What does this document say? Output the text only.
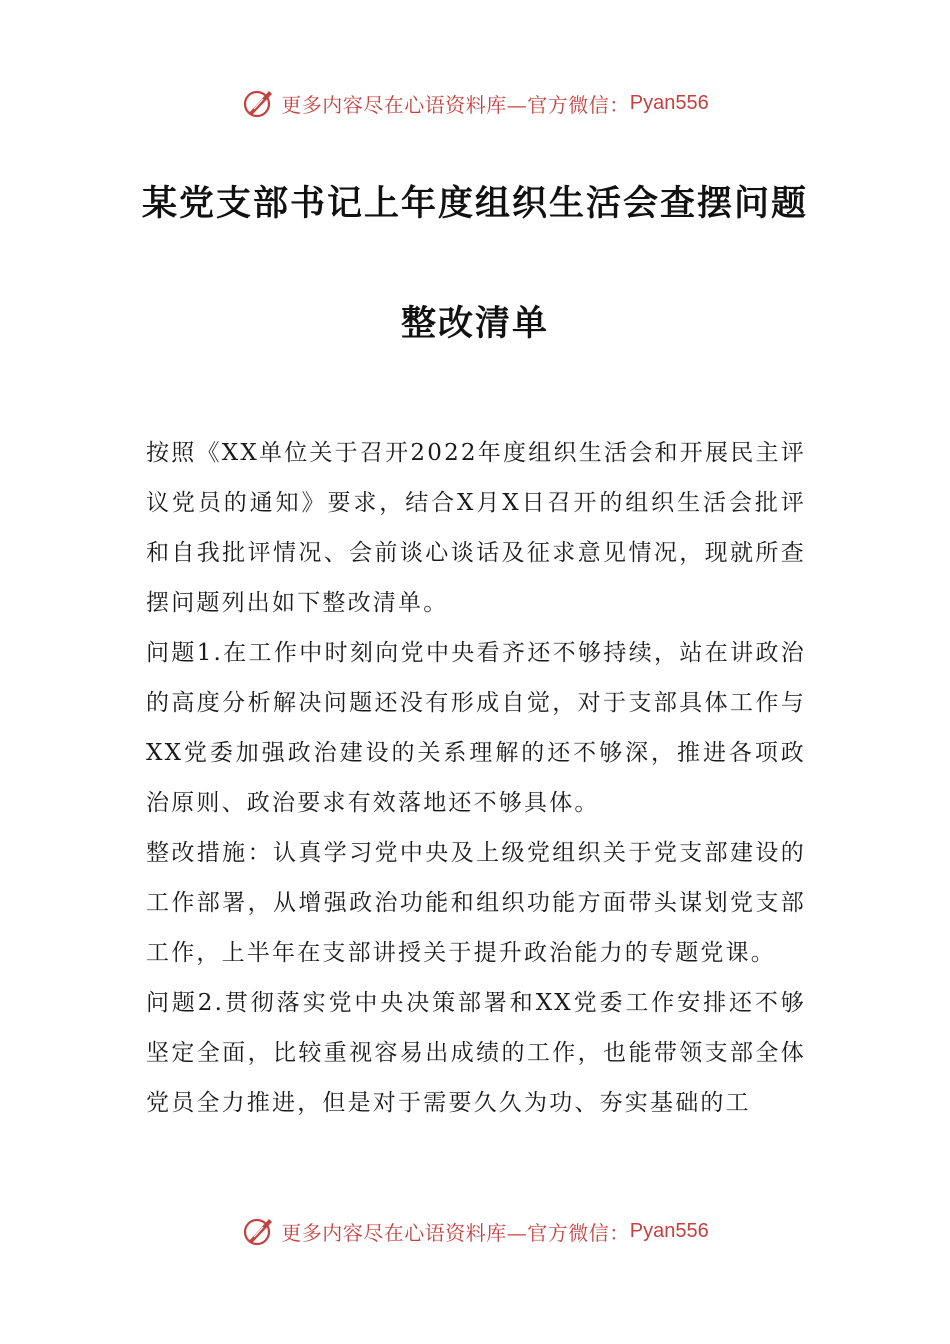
更多内容尽在心语资料库—官方微信： Pyan556
某党支部书记上年度组织生活会查摆问题
整改清单

按照《XX单位关于召开2022年度组织生活会和开展民主评议党员的通知》要求，结合X月X日召开的组织生活会批评和自我批评情况、会前谈心谈话及征求意见情况，现就所查摆问题列出如下整改清单。

问题1.在工作中时刻向党中央看齐还不够持续，站在讲政治的高度分析解决问题还没有形成自觉，对于支部具体工作与XX党委加强政治建设的关系理解的还不够深，推进各项政治原则、政治要求有效落地还不够具体。

整改措施：认真学习党中央及上级党组织关于党支部建设的工作部署，从增强政治功能和组织功能方面带头谋划党支部工作，上半年在支部讲授关于提升政治能力的专题党课。

问题2.贯彻落实党中央决策部署和XX党委工作安排还不够坚定全面，比较重视容易出成绩的工作，也能带领支部全体党员全力推进，但是对于需要久久为功、夯实基础的工

更多内容尽在心语资料库—官方微信： Pyan556
